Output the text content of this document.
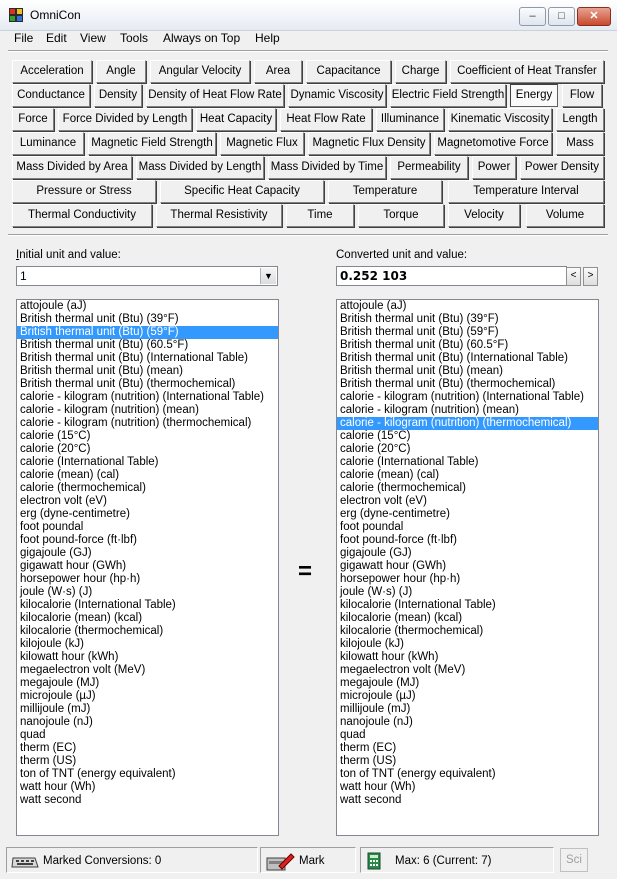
OmniCon	–	□	✕
File Edit View Tools Always on Top Help
Acceleration	Angle	Angular Velocity	Area	Capacitance	Charge	Coefficient of Heat Transfer
Conductance	Density Density of Heat Flow Rate Dynamic Viscosity Electric Field Strength	Energy	Flow
Force	Force Divided by Length	Heat Capacity	Heat Flow Rate	Illuminance Kinematic Viscosity	Length
Luminance	Magnetic Field Strength	Magnetic Flux	Magnetic Flux Density	Magnetomotive Force	Mass
Mass Divided by Area Mass Divided by Length Mass Divided by Time	Permeability	Power	Power Density
Pressure or Stress	Specific Heat Capacity	Temperature	Temperature Interval
Thermal Conductivity	Thermal Resistivity	Time	Torque	Velocity	Volume
Initial unit and value:
1	▼
Converted unit and value:
0.252 103	<	>
attojoule (aJ)
British thermal unit (Btu) (39°F)
British thermal unit (Btu) (59°F)
British thermal unit (Btu) (60.5°F)
British thermal unit (Btu) (International Table)
British thermal unit (Btu) (mean)
British thermal unit (Btu) (thermochemical)
calorie - kilogram (nutrition) (International Table)
calorie - kilogram (nutrition) (mean)
calorie - kilogram (nutrition) (thermochemical)
calorie (15°C)
calorie (20°C)
calorie (International Table)
calorie (mean) (cal)
calorie (thermochemical)
electron volt (eV)
erg (dyne-centimetre)
foot poundal
foot pound-force (ft·lbf)
gigajoule (GJ)
gigawatt hour (GWh)
horsepower hour (hp·h)
joule (W·s) (J)
kilocalorie (International Table)
kilocalorie (mean) (kcal)
kilocalorie (thermochemical)
kilojoule (kJ)
kilowatt hour (kWh)
megaelectron volt (MeV)
megajoule (MJ)
microjoule (µJ)
millijoule (mJ)
nanojoule (nJ)
quad
therm (EC)
therm (US)
ton of TNT (energy equivalent)
watt hour (Wh)
watt second
=
attojoule (aJ)
British thermal unit (Btu) (39°F)
British thermal unit (Btu) (59°F)
British thermal unit (Btu) (60.5°F)
British thermal unit (Btu) (International Table)
British thermal unit (Btu) (mean)
British thermal unit (Btu) (thermochemical)
calorie - kilogram (nutrition) (International Table)
calorie - kilogram (nutrition) (mean)
calorie - kilogram (nutrition) (thermochemical)
calorie (15°C)
calorie (20°C)
calorie (International Table)
calorie (mean) (cal)
calorie (thermochemical)
electron volt (eV)
erg (dyne-centimetre)
foot poundal
foot pound-force (ft·lbf)
gigajoule (GJ)
gigawatt hour (GWh)
horsepower hour (hp·h)
joule (W·s) (J)
kilocalorie (International Table)
kilocalorie (mean) (kcal)
kilocalorie (thermochemical)
kilojoule (kJ)
kilowatt hour (kWh)
megaelectron volt (MeV)
megajoule (MJ)
microjoule (µJ)
millijoule (mJ)
nanojoule (nJ)
quad
therm (EC)
therm (US)
ton of TNT (energy equivalent)
watt hour (Wh)
watt second
Marked Conversions: 0	Mark	Max: 6 (Current: 7)	Sci
